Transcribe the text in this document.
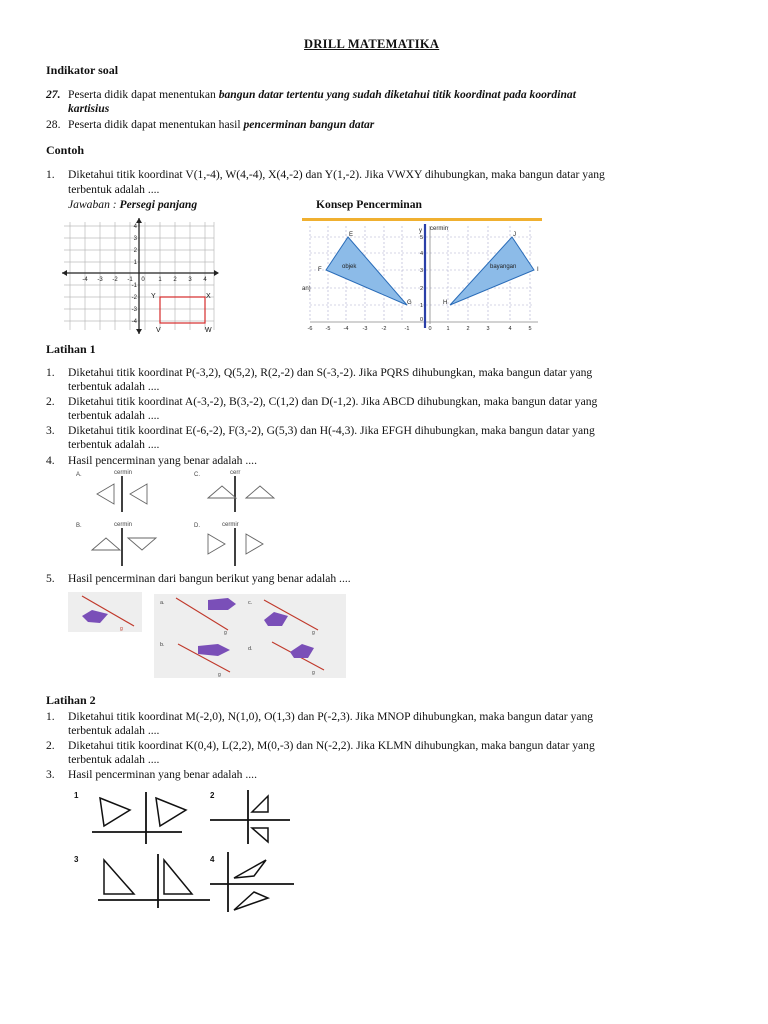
DRILL MATEMATIKA
Indikator soal
27. Peserta didik dapat menentukan bangun datar tertentu yang sudah diketahui titik koordinat pada koordinat
kartisius
28. Peserta didik dapat menentukan hasil pencerminan bangun datar
Contoh
1. Diketahui titik koordinat V(1,-4), W(4,-4), X(4,-2) dan Y(1,-2). Jika VWXY dihubungkan, maka bangun datar yang
terbentuk adalah ....
Jawaban : Persegi panjang	Konsep Pencerminan
-4 -3 -2 -1 0 1 2 3 4
4
3
2
1
-1
-2
-3
-4
Y	X
V	W
cermin
y
objek	bayangan
an)
E
F
G
J
I
H
-6 -5 -4	-3	-2	-1	0	1	2	3	4	5
5
4
3
2
1
0
Latihan 1
1. Diketahui titik koordinat P(-3,2), Q(5,2), R(2,-2) dan S(-3,-2). Jika PQRS dihubungkan, maka bangun datar yang
terbentuk adalah ....
2. Diketahui titik koordinat A(-3,-2), B(3,-2), C(1,2) dan D(-1,2). Jika ABCD dihubungkan, maka bangun datar yang
terbentuk adalah ....
3. Diketahui titik koordinat E(-6,-2), F(3,-2), G(5,3) dan H(-4,3). Jika EFGH dihubungkan, maka bangun datar yang
terbentuk adalah ....
4. Hasil pencerminan yang benar adalah ....
A.	cermin	C.	cerr
B.	cermin	D.	cermir
5. Hasil pencerminan dari bangun berikut yang benar adalah ....
g
a.	c.
b.
d.
g	g
g	g
Latihan 2
1. Diketahui titik koordinat M(-2,0), N(1,0), O(1,3) dan P(-2,3). Jika MNOP dihubungkan, maka bangun datar yang
terbentuk adalah ....
2. Diketahui titik koordinat K(0,4), L(2,2), M(0,-3) dan N(-2,2). Jika KLMN dihubungkan, maka bangun datar yang
terbentuk adalah ....
3. Hasil pencerminan yang benar adalah ....
1	2
3	4
